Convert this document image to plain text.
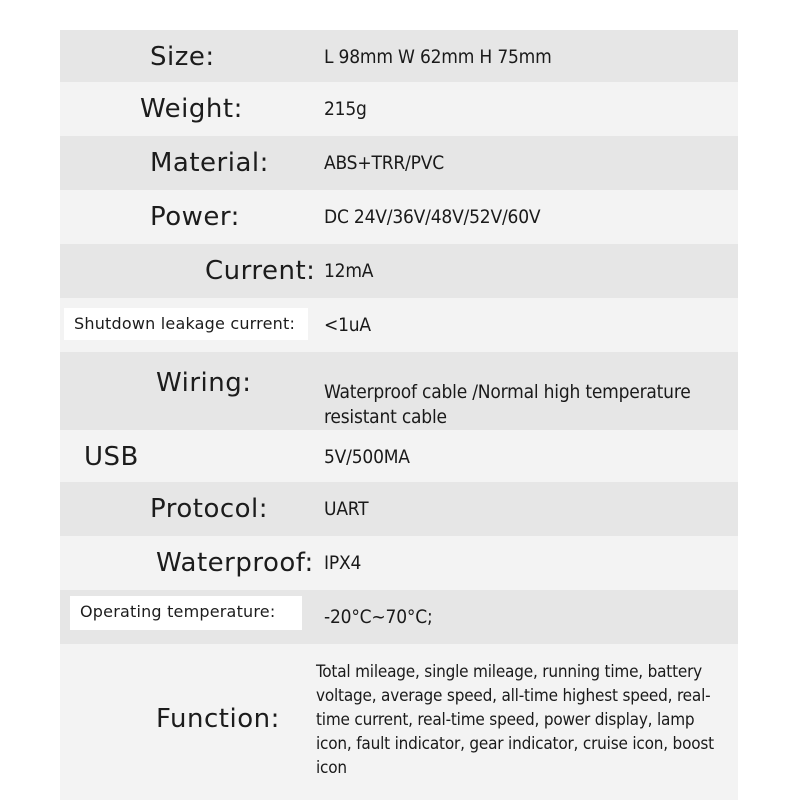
Size:	L 98mm W 62mm H 75mm
Weight:	215g
Material:	ABS+TRR/PVC
Power:	DC 24V/36V/48V/52V/60V
Current: 12mA
Shutdown leakage current:	<1uA
Wiring:	Waterproof cable /Normal high temperature resistant cable
USB	5V/500MA
Protocol:	UART
Waterproof: IPX4
Operating temperature:	-20°C~70°C;
Function:
Total mileage, single mileage, running time, battery voltage, average speed, all-time highest speed, real-time current, real-time speed, power display, lamp icon, fault indicator, gear indicator, cruise icon, boost icon
